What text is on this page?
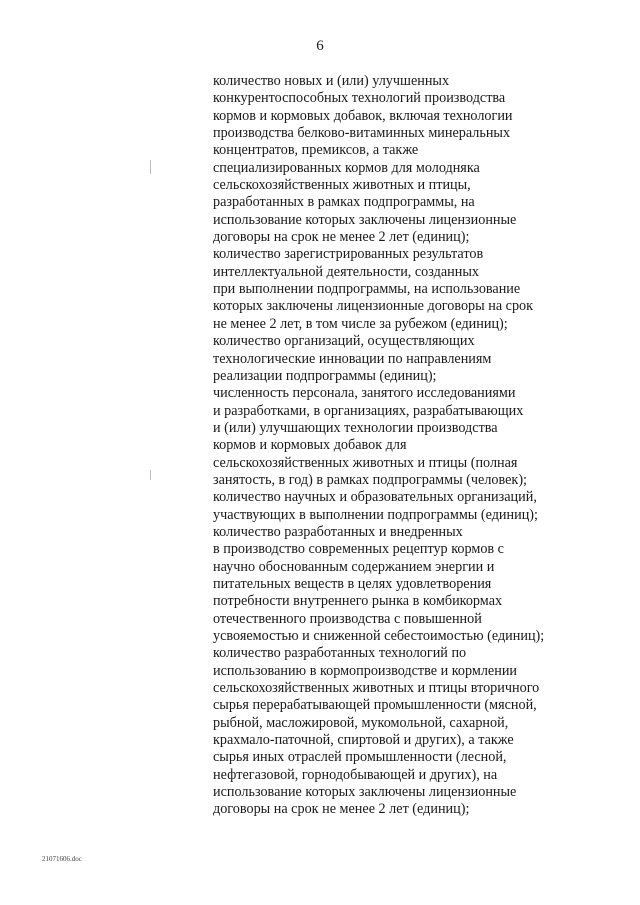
6
количество новых и (или) улучшенных
конкурентоспособных технологий производства
кормов и кормовых добавок, включая технологии
производства белково-витаминных минеральных
концентратов, премиксов, а также
специализированных кормов для молодняка
сельскохозяйственных животных и птицы,
разработанных в рамках подпрограммы, на
использование которых заключены лицензионные
договоры на срок не менее 2 лет (единиц);
количество зарегистрированных результатов
интеллектуальной деятельности, созданных
при выполнении подпрограммы, на использование
которых заключены лицензионные договоры на срок
не менее 2 лет, в том числе за рубежом (единиц);
количество организаций, осуществляющих
технологические инновации по направлениям
реализации подпрограммы (единиц);
численность персонала, занятого исследованиями
и разработками, в организациях, разрабатывающих
и (или) улучшающих технологии производства
кормов и кормовых добавок для
сельскохозяйственных животных и птицы (полная
занятость, в год) в рамках подпрограммы (человек);
количество научных и образовательных организаций,
участвующих в выполнении подпрограммы (единиц);
количество разработанных и внедренных
в производство современных рецептур кормов с
научно обоснованным содержанием энергии и
питательных веществ в целях удовлетворения
потребности внутреннего рынка в комбикормах
отечественного производства с повышенной
усвояемостью и сниженной себестоимостью (единиц);
количество разработанных технологий по
использованию в кормопроизводстве и кормлении
сельскохозяйственных животных и птицы вторичного
сырья перерабатывающей промышленности (мясной,
рыбной, масложировой, мукомольной, сахарной,
крахмало-паточной, спиртовой и других), а также
сырья иных отраслей промышленности (лесной,
нефтегазовой, горнодобывающей и других), на
использование которых заключены лицензионные
договоры на срок не менее 2 лет (единиц);
21071606.doc
